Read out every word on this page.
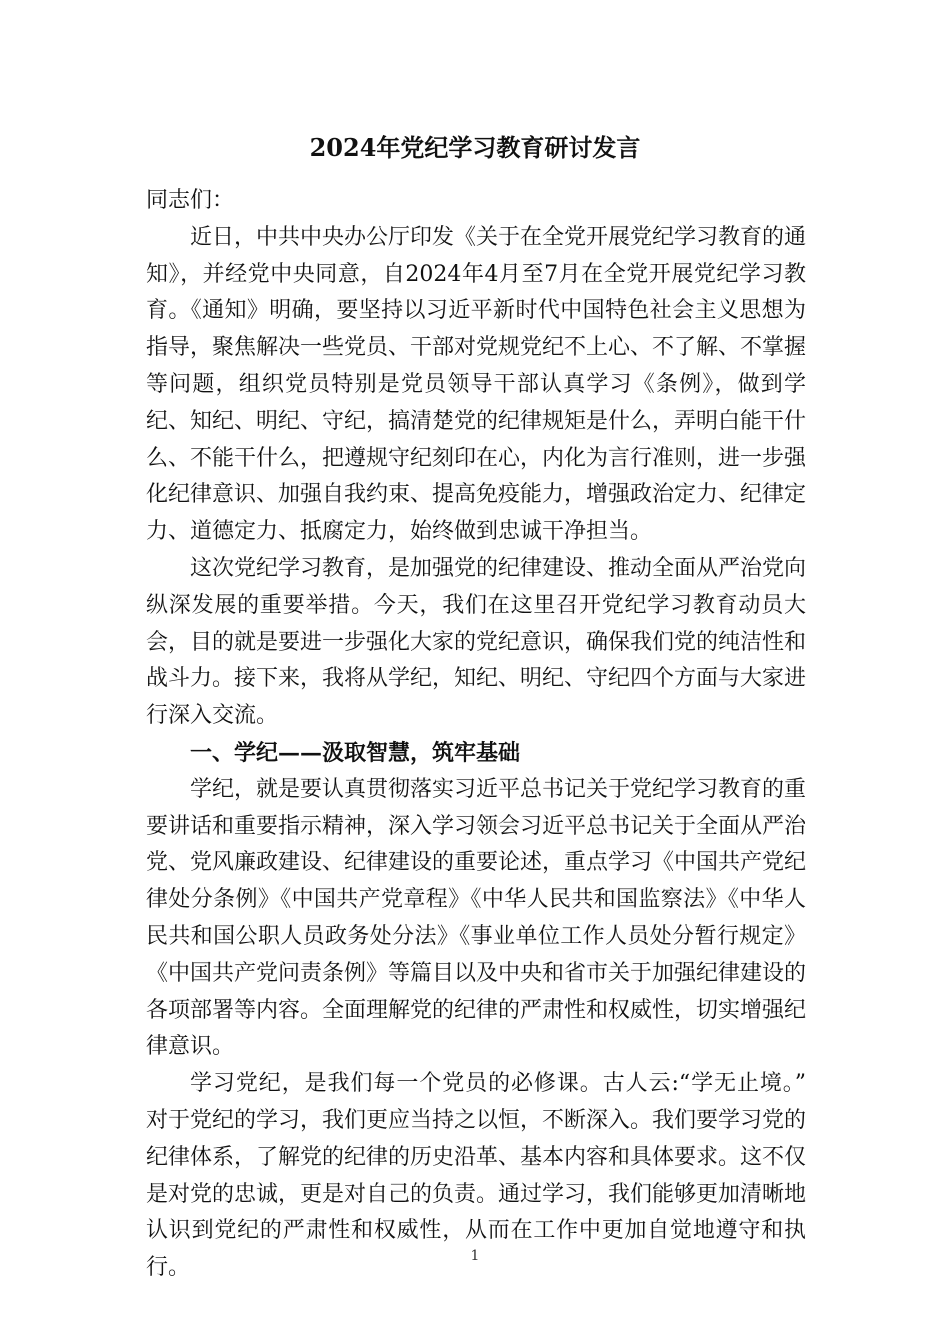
2024年党纪学习教育研讨发言

同志们：

近日，中共中央办公厅印发《关于在全党开展党纪学习教育的通知》，并经党中央同意，自2024年4月至7月在全党开展党纪学习教育。《通知》明确，要坚持以习近平新时代中国特色社会主义思想为指导，聚焦解决一些党员、干部对党规党纪不上心、不了解、不掌握等问题，组织党员特别是党员领导干部认真学习《条例》，做到学纪、知纪、明纪、守纪，搞清楚党的纪律规矩是什么，弄明白能干什么、不能干什么，把遵规守纪刻印在心，内化为言行准则，进一步强化纪律意识、加强自我约束、提高免疫能力，增强政治定力、纪律定力、道德定力、抵腐定力，始终做到忠诚干净担当。

这次党纪学习教育，是加强党的纪律建设、推动全面从严治党向纵深发展的重要举措。今天，我们在这里召开党纪学习教育动员大会，目的就是要进一步强化大家的党纪意识，确保我们党的纯洁性和战斗力。接下来，我将从学纪，知纪、明纪、守纪四个方面与大家进行深入交流。

一、学纪——汲取智慧，筑牢基础

学纪，就是要认真贯彻落实习近平总书记关于党纪学习教育的重要讲话和重要指示精神，深入学习领会习近平总书记关于全面从严治党、党风廉政建设、纪律建设的重要论述，重点学习《中国共产党纪律处分条例》《中国共产党章程》《中华人民共和国监察法》《中华人民共和国公职人员政务处分法》《事业单位工作人员处分暂行规定》《中国共产党问责条例》等篇目以及中央和省市关于加强纪律建设的各项部署等内容。全面理解党的纪律的严肃性和权威性，切实增强纪律意识。

学习党纪，是我们每一个党员的必修课。古人云:“学无止境。” 对于党纪的学习，我们更应当持之以恒，不断深入。我们要学习党的纪律体系，了解党的纪律的历史沿革、基本内容和具体要求。这不仅是对党的忠诚，更是对自己的负责。通过学习，我们能够更加清晰地认识到党纪的严肃性和权威性，从而在工作中更加自觉地遵守和执行。	1
